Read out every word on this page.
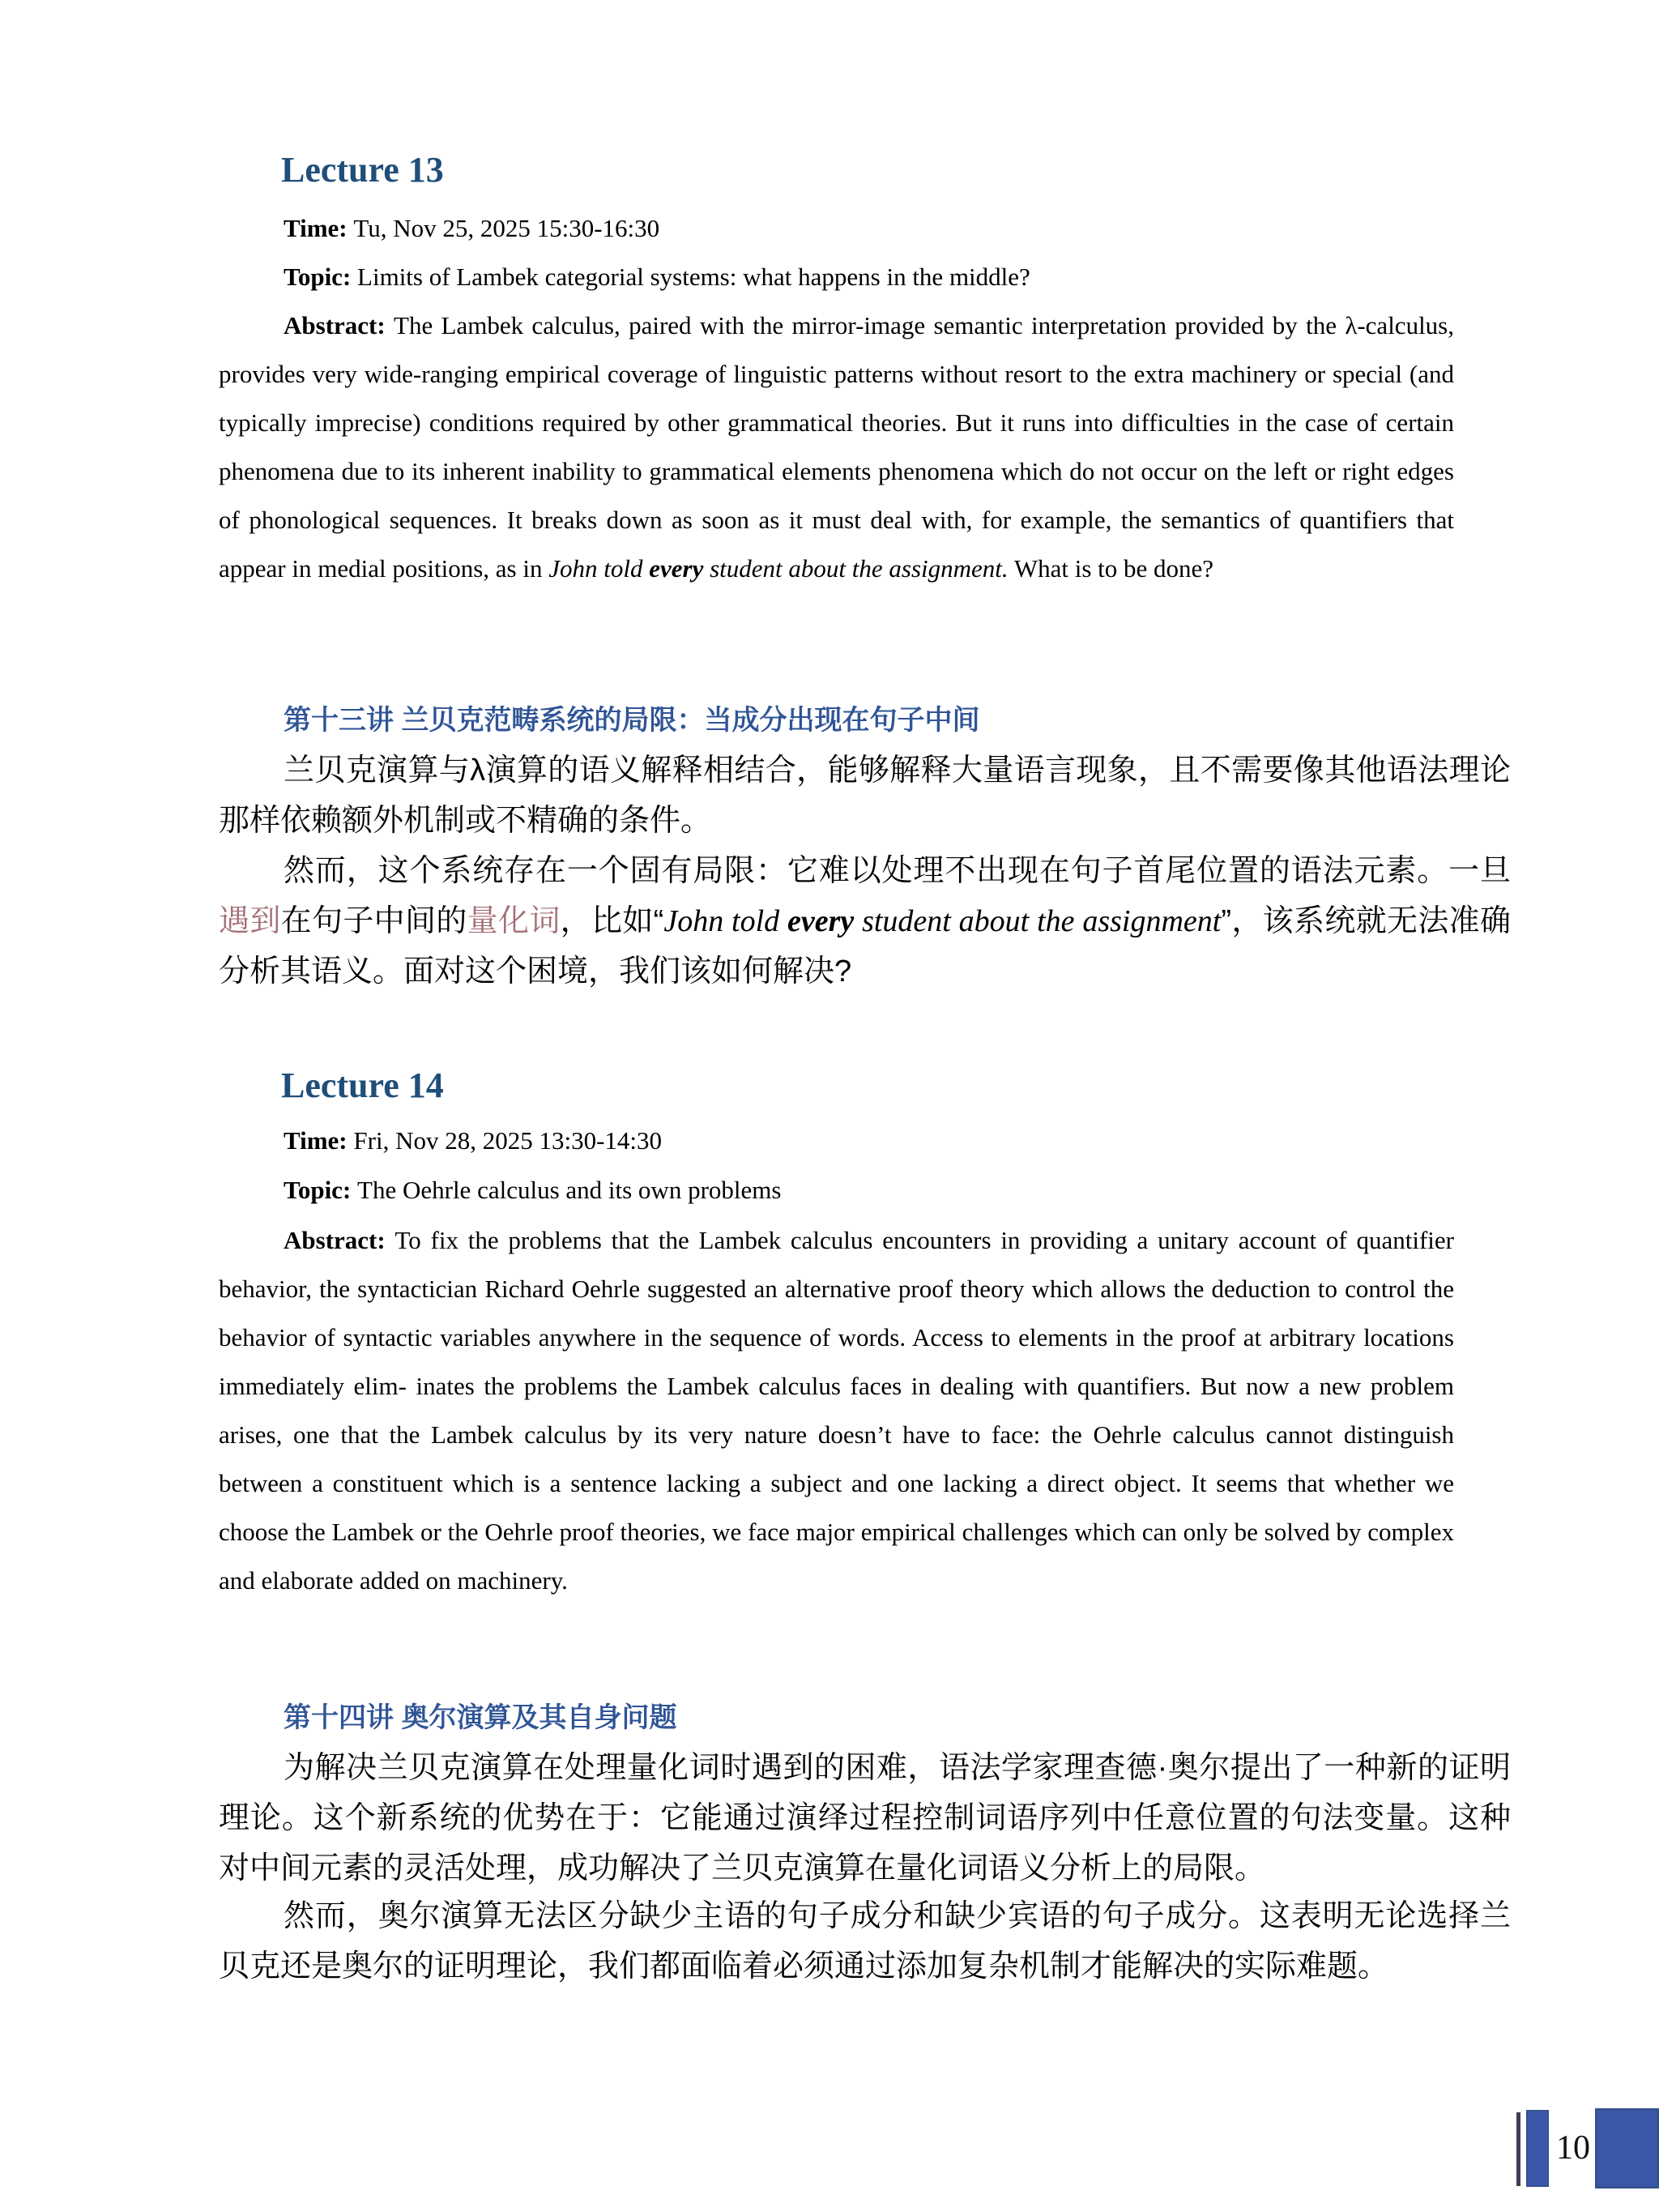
Lecture 13

Time: Tu, Nov 25, 2025 15:30-16:30

Topic: Limits of Lambek categorial systems: what happens in the middle?

Abstract: The Lambek calculus, paired with the mirror-image semantic interpretation provided by the λ-calculus, provides very wide-ranging empirical coverage of linguistic patterns without resort to the extra machinery or special (and typically imprecise) conditions required by other grammatical theories. But it runs into difficulties in the case of certain phenomena due to its inherent inability to grammatical elements phenomena which do not occur on the left or right edges of phonological sequences. It breaks down as soon as it must deal with, for example, the semantics of quantifiers that appear in medial positions, as in John told every student about the assignment. What is to be done?

第十三讲 兰贝克范畴系统的局限：当成分出现在句子中间

兰贝克演算与λ演算的语义解释相结合，能够解释大量语言现象，且不需要像其他语法理论那样依赖额外机制或不精确的条件。

然而，这个系统存在一个固有局限：它难以处理不出现在句子首尾位置的语法元素。一旦遇到在句子中间的量化词，比如“John told every student about the assignment”，该系统就无法准确分析其语义。面对这个困境，我们该如何解决?

Lecture 14

Time: Fri, Nov 28, 2025 13:30-14:30

Topic: The Oehrle calculus and its own problems

Abstract: To fix the problems that the Lambek calculus encounters in providing a unitary account of quantifier behavior, the syntactician Richard Oehrle suggested an alternative proof theory which allows the deduction to control the behavior of syntactic variables anywhere in the sequence of words. Access to elements in the proof at arbitrary locations immediately elim- inates the problems the Lambek calculus faces in dealing with quantifiers. But now a new problem arises, one that the Lambek calculus by its very nature doesn’t have to face: the Oehrle calculus cannot distinguish between a constituent which is a sentence lacking a subject and one lacking a direct object. It seems that whether we choose the Lambek or the Oehrle proof theories, we face major empirical challenges which can only be solved by complex and elaborate added on machinery.

第十四讲 奥尔演算及其自身问题

为解决兰贝克演算在处理量化词时遇到的困难，语法学家理查德·奥尔提出了一种新的证明理论。这个新系统的优势在于：它能通过演绎过程控制词语序列中任意位置的句法变量。这种对中间元素的灵活处理，成功解决了兰贝克演算在量化词语义分析上的局限。

然而，奥尔演算无法区分缺少主语的句子成分和缺少宾语的句子成分。这表明无论选择兰贝克还是奥尔的证明理论，我们都面临着必须通过添加复杂机制才能解决的实际难题。

10
